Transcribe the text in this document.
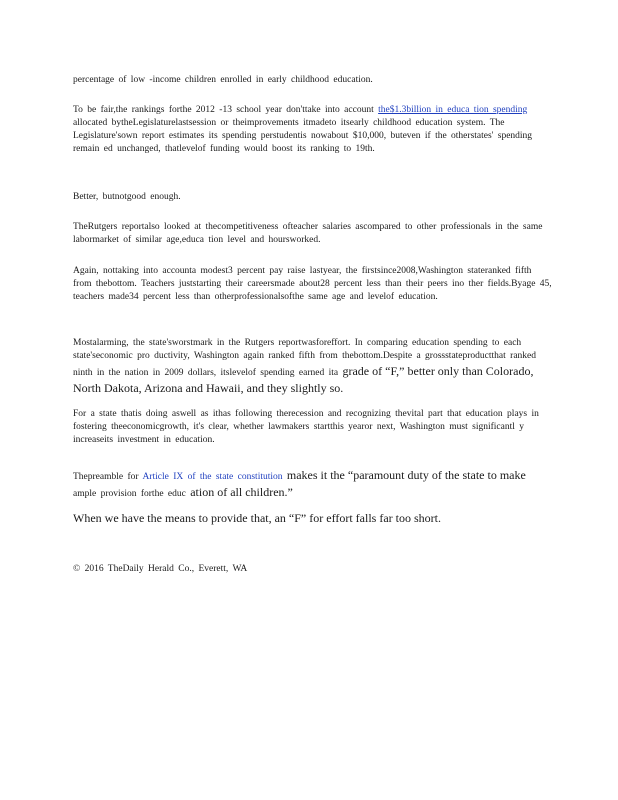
percentage of low -income children enrolled in early childhood education.
To be fair,the rankings forthe 2012 -13 school year don'ttake into account the$1.3billion in educa tion spending allocated bytheLegislaturelastsession or theimprovements itmadeto itsearly childhood education system. The Legislature'sown report estimates its spending perstudentis nowabout $10,000, buteven if the otherstates' spending remain ed unchanged, thatlevelof funding would boost its ranking to 19th.
Better, butnotgood enough.
TheRutgers reportalso looked at thecompetitiveness ofteacher salaries ascompared to other professionals in the same labormarket of similar age,educa tion level and hoursworked.
Again, nottaking into accounta modest3 percent pay raise lastyear, the firstsince2008,Washington stateranked fifth from thebottom. Teachers juststarting their careersmade about28 percent less than their peers ino ther fields.Byage 45, teachers made34 percent less than otherprofessionalsofthe same age and levelof education.
Mostalarming, the state'sworstmark in the Rutgers reportwasforeffort. In comparing education spending to each state'seconomic pro ductivity, Washington again ranked fifth from thebottom.Despite a grossstateproductthat ranked ninth in the nation in 2009 dollars, itslevelof spending earned ita grade of “F,” better only than Colorado, North Dakota, Arizona and Hawaii, and they slightly so.
For a state thatis doing aswell as ithas following therecession and recognizing thevital part that education plays in fostering theeconomicgrowth, it's clear, whether lawmakers startthis yearor next, Washington must significantl y increaseits investment in education.
Thepreamble for Article IX of the state constitution makes it the “paramount duty of the state to make ample provision forthe educ ation of all children.”
When we have the means to provide that, an “F” for effort falls far too short.
© 2016 TheDaily Herald Co., Everett, WA
